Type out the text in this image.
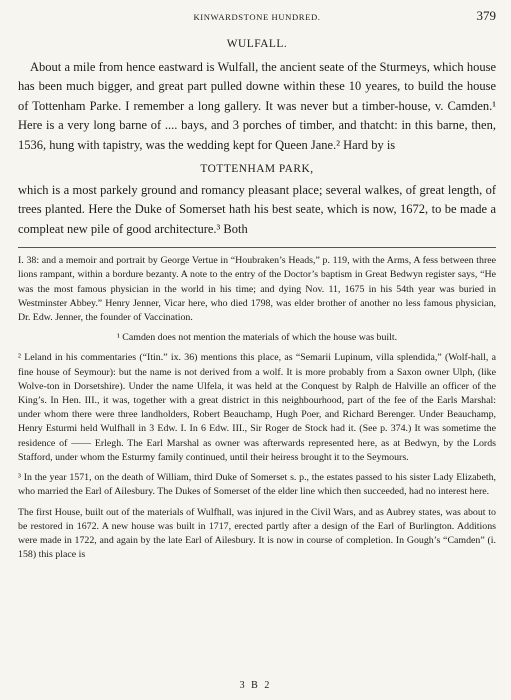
KINWARDSTONE HUNDRED.	379
WULFALL.

About a mile from hence eastward is Wulfall, the ancient seate of the Sturmeys, which house has been much bigger, and great part pulled downe within these 10 yeares, to build the house of Tottenham Parke. I remember a long gallery. It was never but a timber-house, v. Camden.¹ Here is a very long barne of .... bays, and 3 porches of timber, and thatcht: in this barne, then, 1536, hung with tapistry, was the wedding kept for Queen Jane.² Hard by is

TOTTENHAM PARK,

which is a most parkely ground and romancy pleasant place; several walkes, of great length, of trees planted. Here the Duke of Somerset hath his best seate, which is now, 1672, to be made a compleat new pile of good architecture.³ Both

I. 38: and a memoir and portrait by George Vertue in “Houbraken’s Heads,” p. 119, with the Arms, A fess between three lions rampant, within a bordure bezanty. A note to the entry of the Doctor’s baptism in Great Bedwyn register says, “He was the most famous physician in the world in his time; and dying Nov. 11, 1675 in his 54th year was buried in Westminster Abbey.” Henry Jenner, Vicar here, who died 1798, was elder brother of another no less famous physician, Dr. Edw. Jenner, the founder of Vaccination.

¹ Camden does not mention the materials of which the house was built.

² Leland in his commentaries (“Itin.” ix. 36) mentions this place, as “Semarii Lupinum, villa splendida,” (Wolf-hall, a fine house of Seymour): but the name is not derived from a wolf. It is more probably from a Saxon owner Ulph, (like Wolve-ton in Dorsetshire). Under the name Ulfela, it was held at the Conquest by Ralph de Halville an officer of the King’s. In Hen. III., it was, together with a great district in this neighbourhood, part of the fee of the Earls Marshal: under whom there were three landholders, Robert Beauchamp, Hugh Poer, and Richard Berenger. Under Beauchamp, Henry Esturmi held Wulfhall in 3 Edw. I. In 6 Edw. III., Sir Roger de Stock had it. (See p. 374.) It was sometime the residence of —— Erlegh. The Earl Marshal as owner was afterwards represented here, as at Bedwyn, by the Lords Stafford, under whom the Esturmy family continued, until their heiress brought it to the Seymours.

³ In the year 1571, on the death of William, third Duke of Somerset s. p., the estates passed to his sister Lady Elizabeth, who married the Earl of Ailesbury. The Dukes of Somerset of the elder line which then succeeded, had no interest here.

The first House, built out of the materials of Wulfhall, was injured in the Civil Wars, and as Aubrey states, was about to be restored in 1672. A new house was built in 1717, erected partly after a design of the Earl of Burlington. Additions were made in 1722, and again by the late Earl of Ailesbury. It is now in course of completion. In Gough’s “Camden” (i. 158) this place is

3 B 2
